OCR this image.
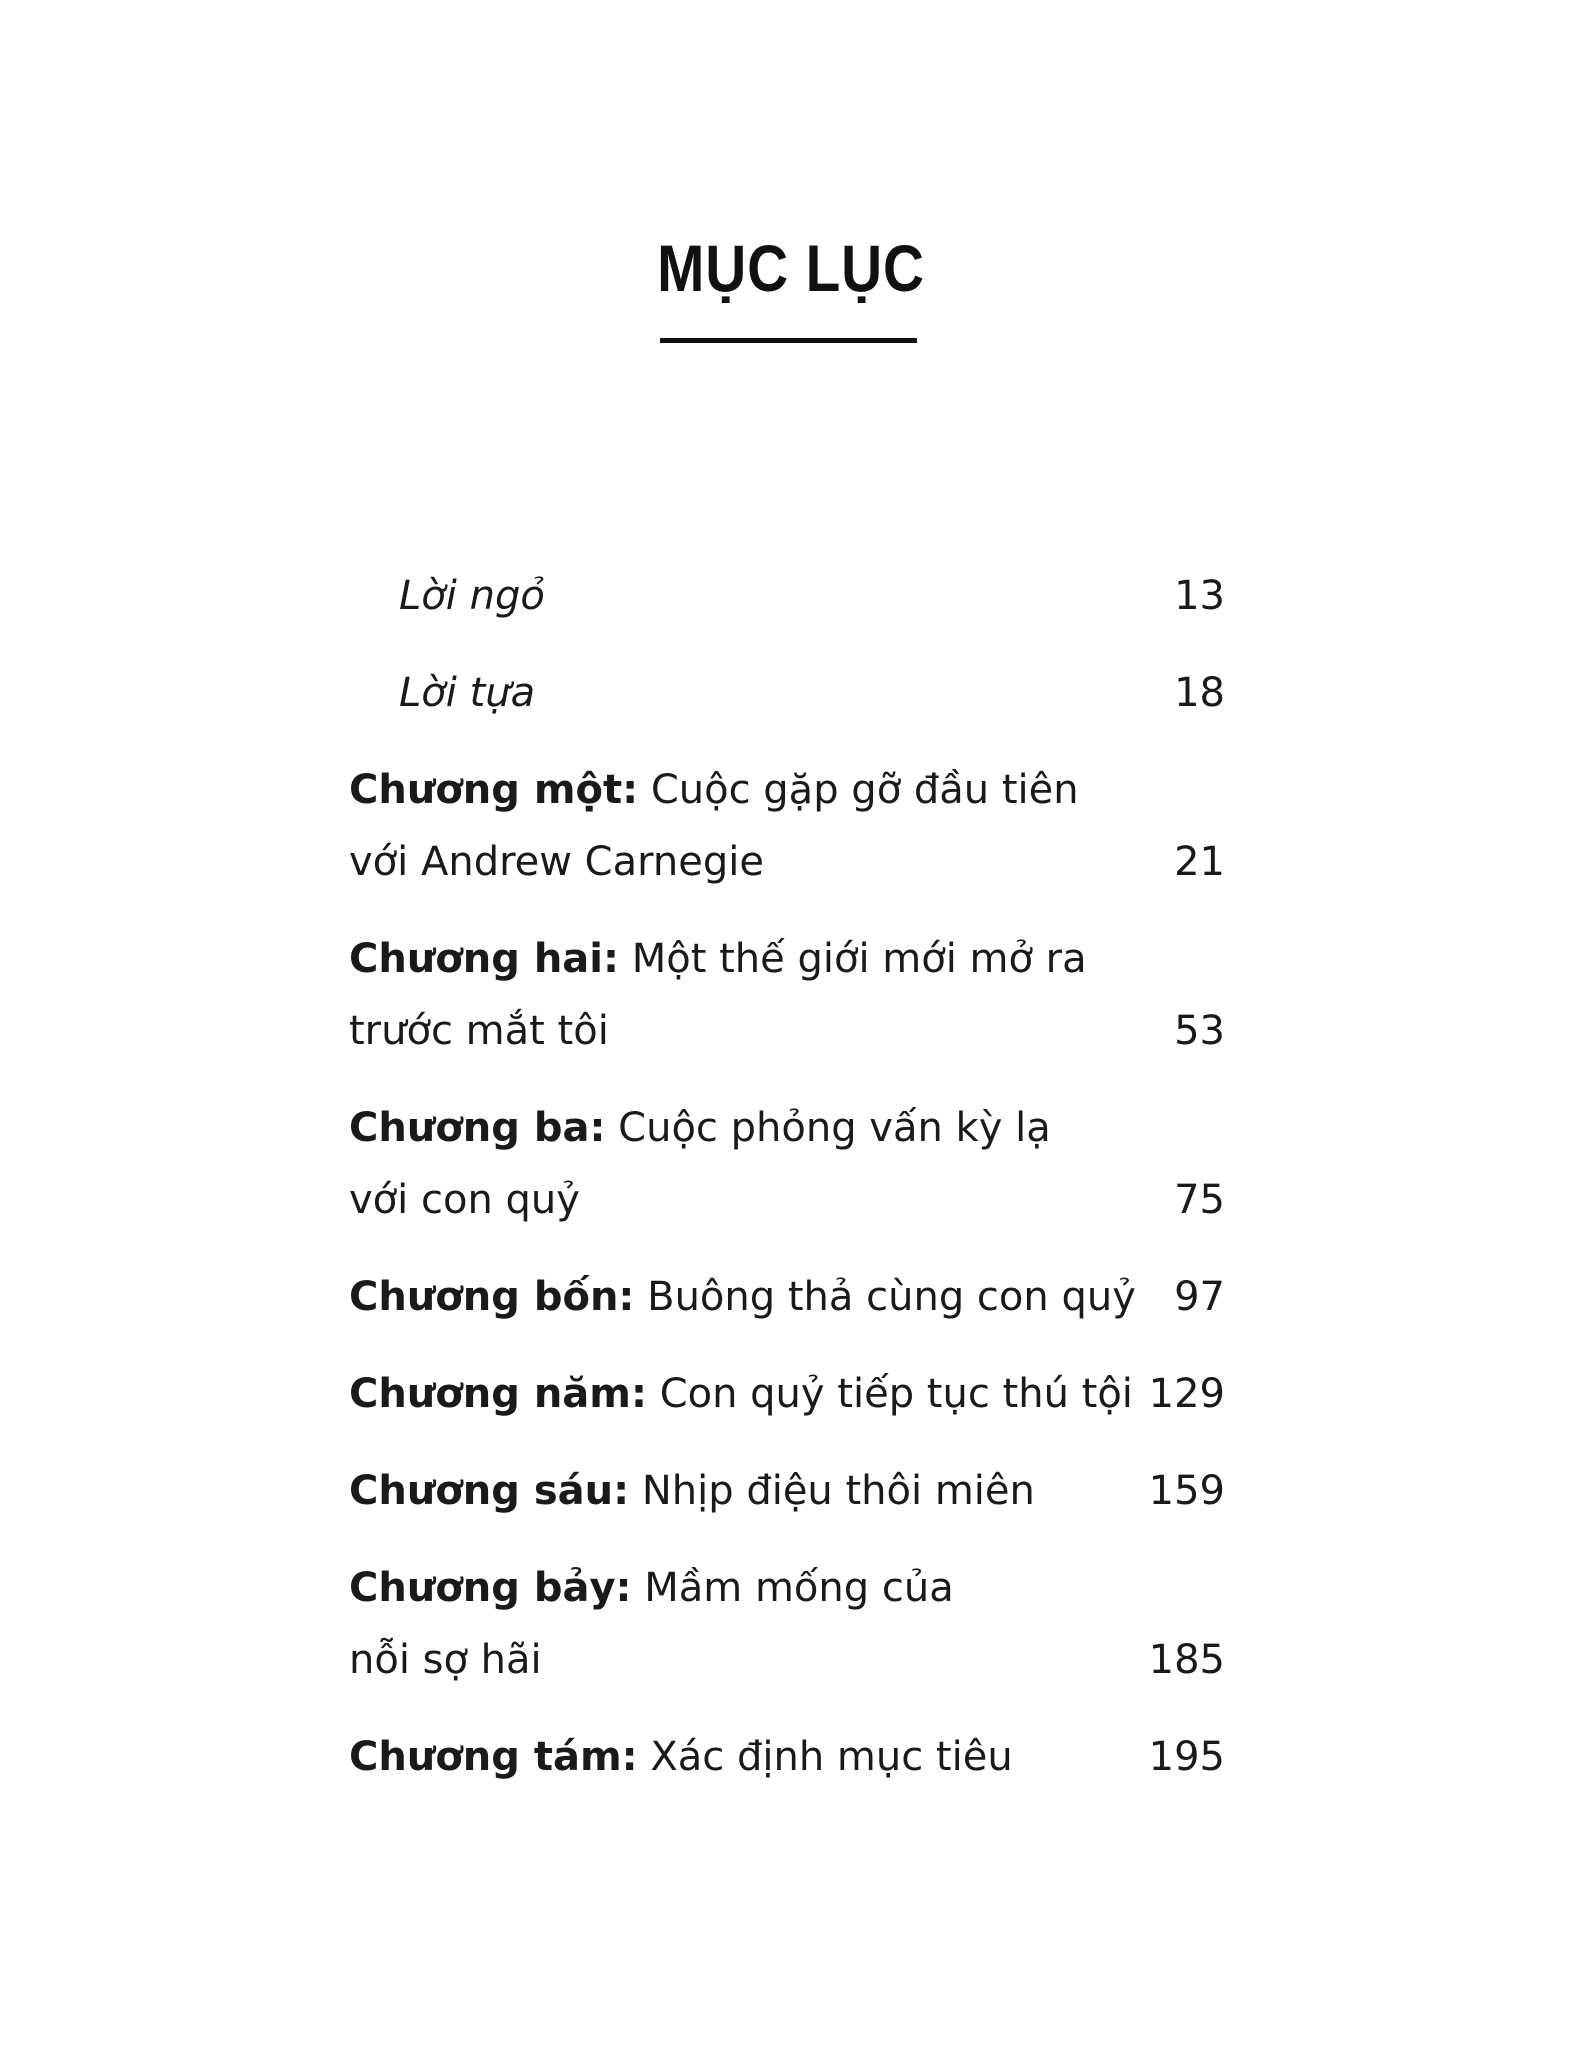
MỤC LỤC
Lời ngỏ	13
Lời tựa	18
Chương một: Cuộc gặp gỡ đầu tiên
với Andrew Carnegie	21
Chương hai: Một thế giới mới mở ra
trước mắt tôi	53
Chương ba: Cuộc phỏng vấn kỳ lạ
với con quỷ	75
Chương bốn: Buông thả cùng con quỷ 97
Chương năm: Con quỷ tiếp tục thú tội 129
Chương sáu: Nhịp điệu thôi miên	159
Chương bảy: Mầm mống của
nỗi sợ hãi	185
Chương tám: Xác định mục tiêu	195
